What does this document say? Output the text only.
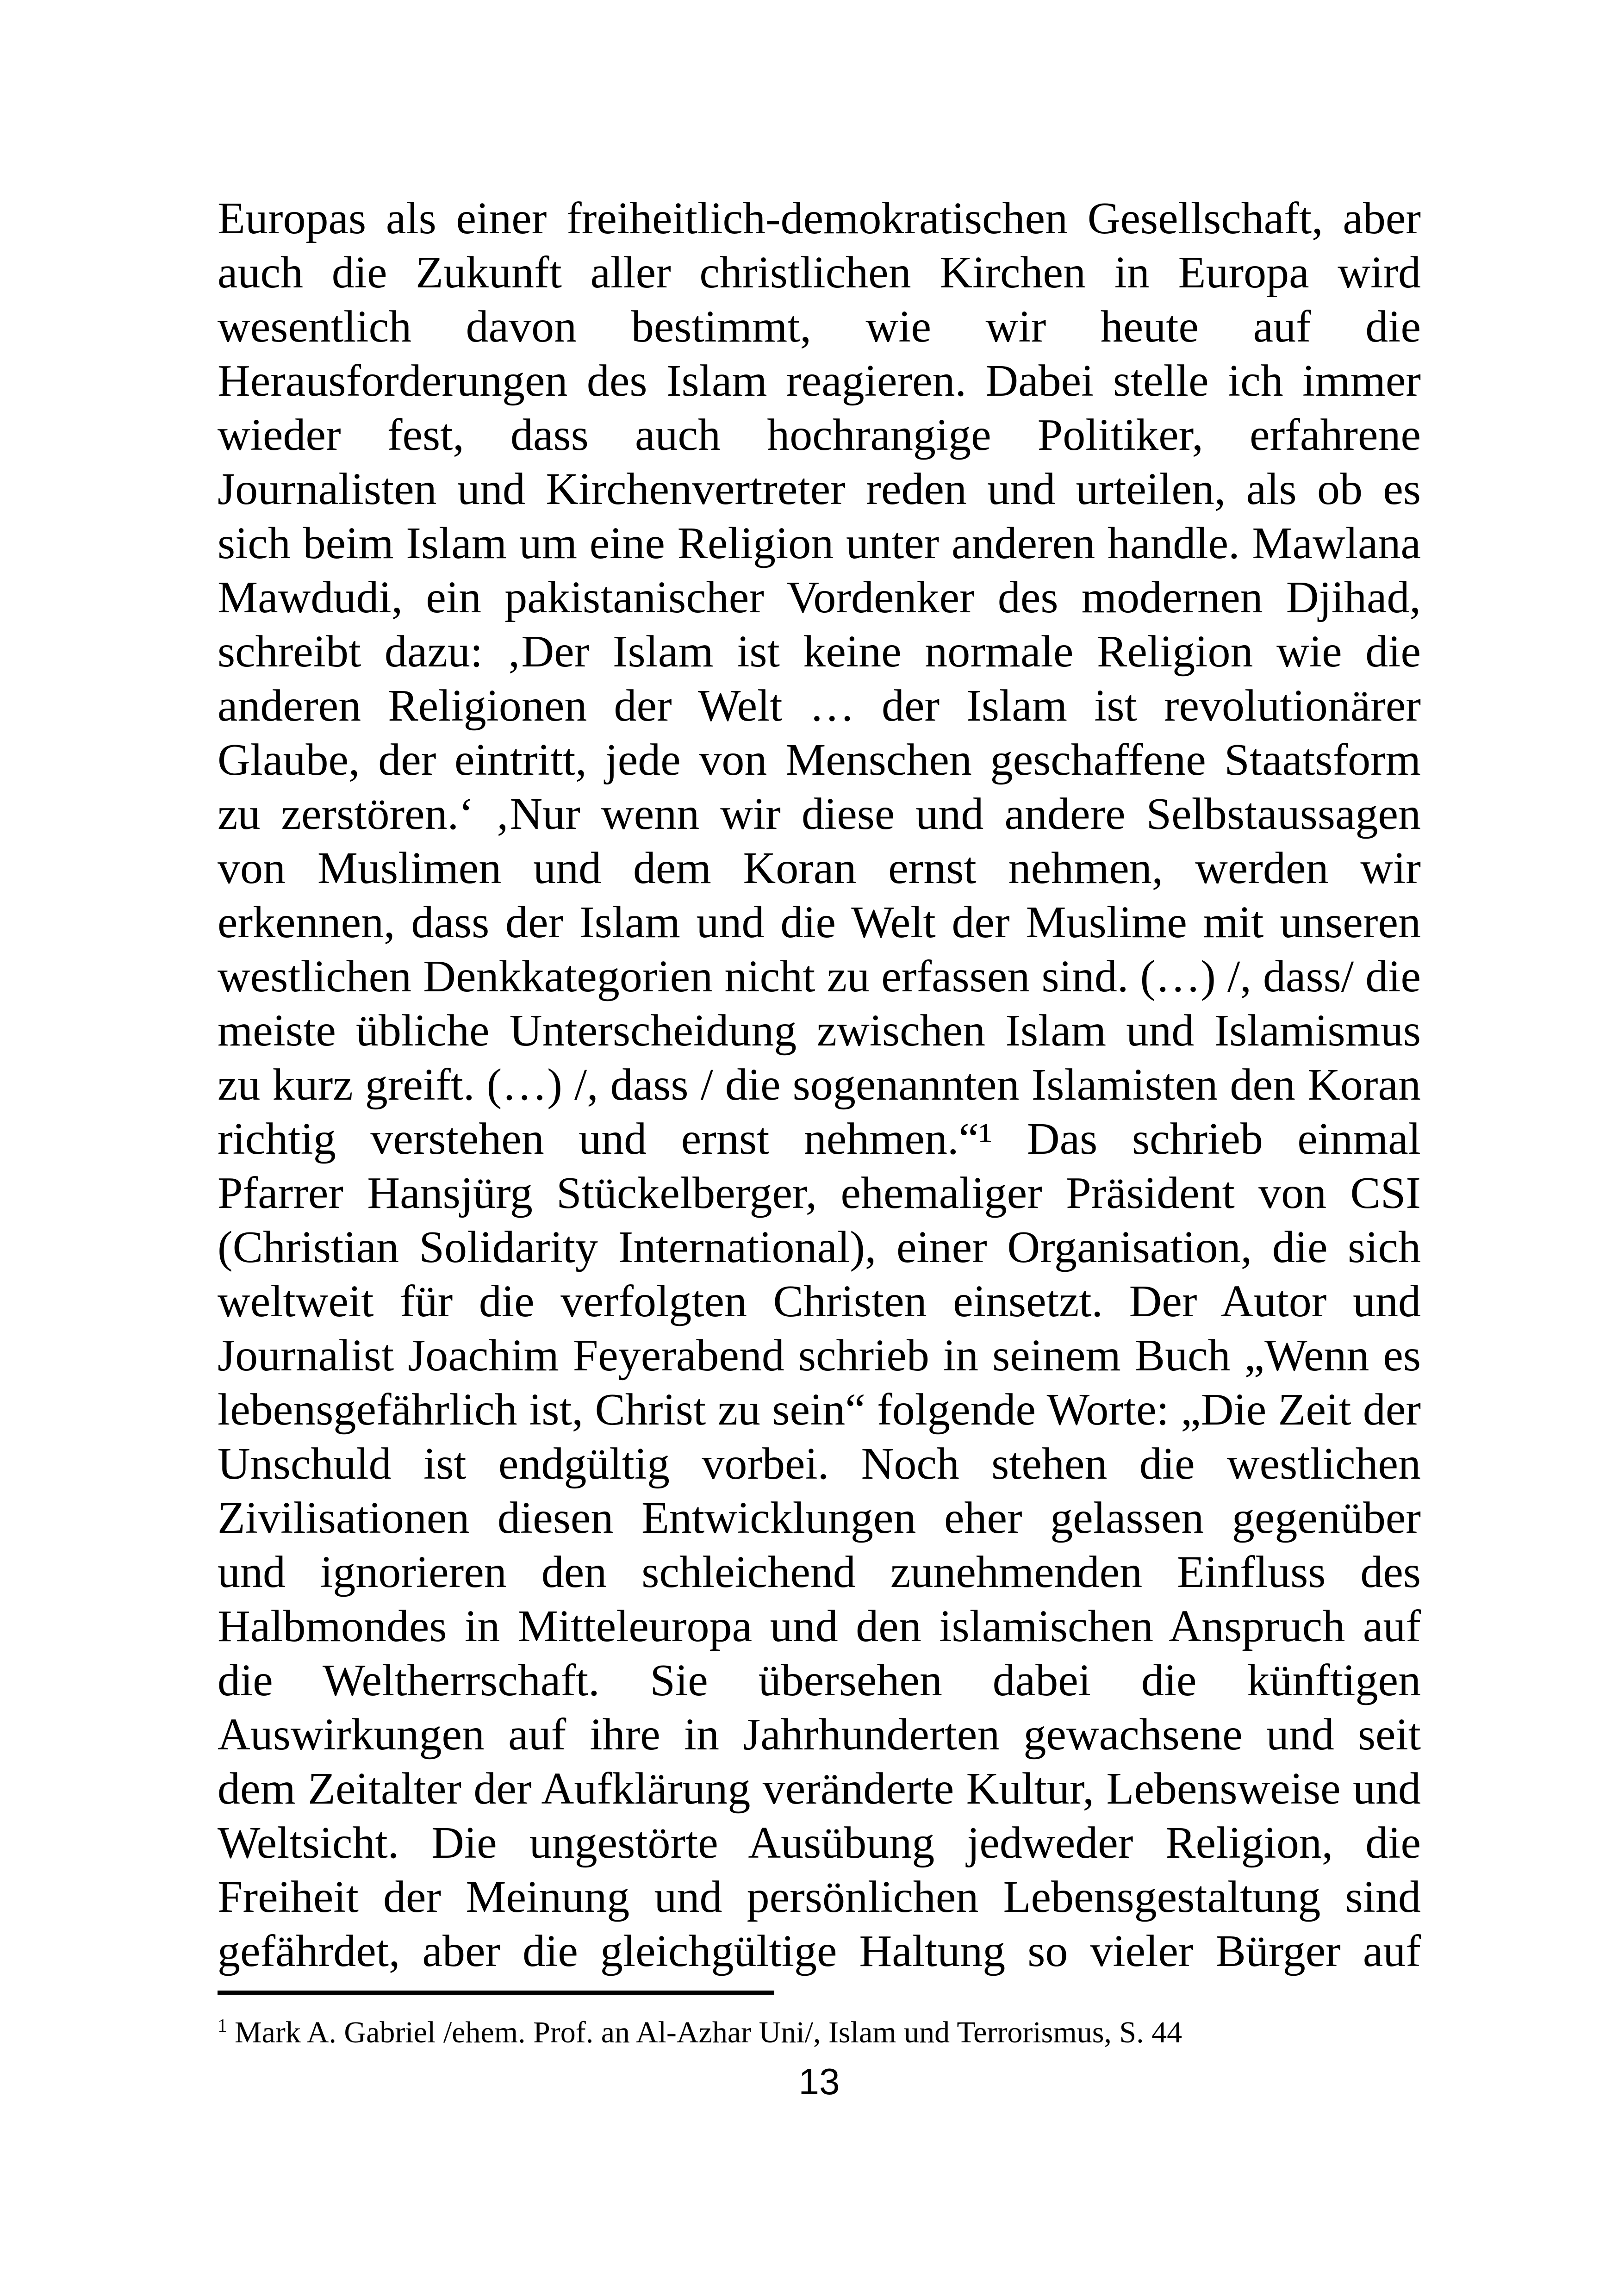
Europas als einer freiheitlich-demokratischen Gesellschaft, aber
auch die Zukunft aller christlichen Kirchen in Europa wird
wesentlich davon bestimmt, wie wir heute auf die
Herausforderungen des Islam reagieren. Dabei stelle ich immer
wieder fest, dass auch hochrangige Politiker, erfahrene
Journalisten und Kirchenvertreter reden und urteilen, als ob es
sich beim Islam um eine Religion unter anderen handle. Mawlana
Mawdudi, ein pakistanischer Vordenker des modernen Djihad,
schreibt dazu: ‚Der Islam ist keine normale Religion wie die
anderen Religionen der Welt … der Islam ist revolutionärer
Glaube, der eintritt, jede von Menschen geschaffene Staatsform
zu zerstören.‘ ‚Nur wenn wir diese und andere Selbstaussagen
von Muslimen und dem Koran ernst nehmen, werden wir
erkennen, dass der Islam und die Welt der Muslime mit unseren
westlichen Denkkategorien nicht zu erfassen sind. (…) /, dass/ die
meiste übliche Unterscheidung zwischen Islam und Islamismus
zu kurz greift. (…) /, dass / die sogenannten Islamisten den Koran
richtig verstehen und ernst nehmen.“¹ Das schrieb einmal
Pfarrer Hansjürg Stückelberger, ehemaliger Präsident von CSI
(Christian Solidarity International), einer Organisation, die sich
weltweit für die verfolgten Christen einsetzt. Der Autor und
Journalist Joachim Feyerabend schrieb in seinem Buch „Wenn es
lebensgefährlich ist, Christ zu sein“ folgende Worte: „Die Zeit der
Unschuld ist endgültig vorbei. Noch stehen die westlichen
Zivilisationen diesen Entwicklungen eher gelassen gegenüber
und ignorieren den schleichend zunehmenden Einfluss des
Halbmondes in Mitteleuropa und den islamischen Anspruch auf
die Weltherrschaft. Sie übersehen dabei die künftigen
Auswirkungen auf ihre in Jahrhunderten gewachsene und seit
dem Zeitalter der Aufklärung veränderte Kultur, Lebensweise und
Weltsicht. Die ungestörte Ausübung jedweder Religion, die
Freiheit der Meinung und persönlichen Lebensgestaltung sind
gefährdet, aber die gleichgültige Haltung so vieler Bürger auf
$^1$ Mark A. Gabriel /ehem. Prof. an Al-Azhar Uni/, Islam und Terrorismus, S. 44
13
